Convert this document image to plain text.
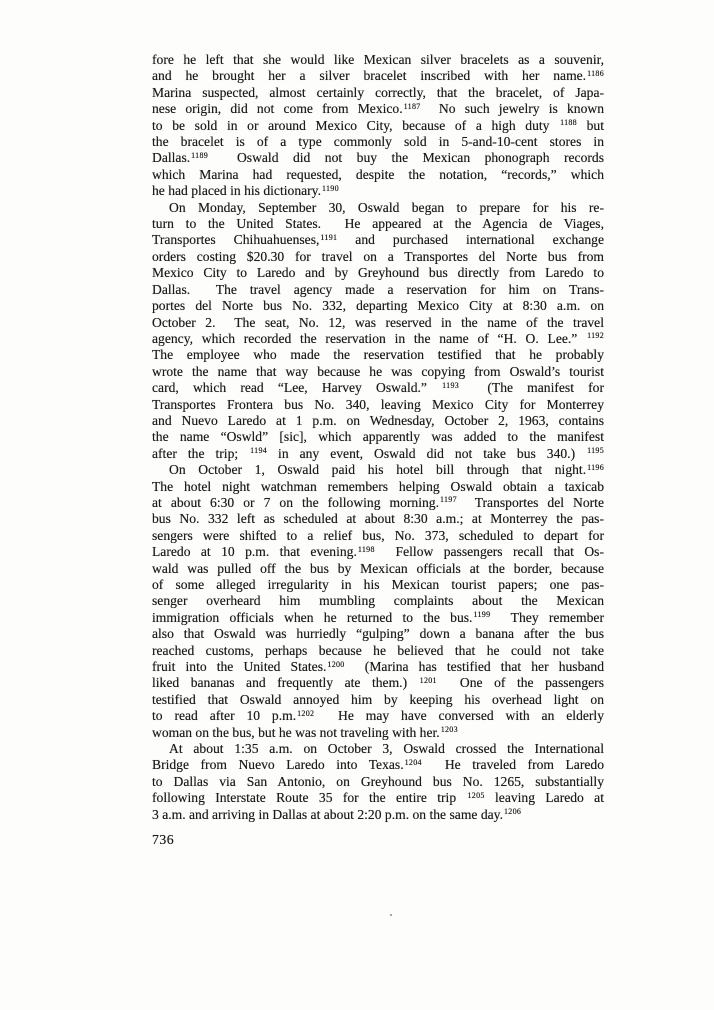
fore he left that she would like Mexican silver bracelets as a souvenir,
and he brought her a silver bracelet inscribed with her name.$^{1186}$
Marina suspected, almost certainly correctly, that the bracelet, of Japa-
nese origin, did not come from Mexico.$^{1187}$  No such jewelry is known
to be sold in or around Mexico City, because of a high duty $^{1188}$ but
the bracelet is of a type commonly sold in 5-and-10-cent stores in
Dallas.$^{1189}$  Oswald did not buy the Mexican phonograph records
which Marina had requested, despite the notation, “records,” which
he had placed in his dictionary.$^{1190}$
On Monday, September 30, Oswald began to prepare for his re-
turn to the United States.  He appeared at the Agencia de Viages,
Transportes Chihuahuenses,$^{1191}$ and purchased international exchange
orders costing $20.30 for travel on a Transportes del Norte bus from
Mexico City to Laredo and by Greyhound bus directly from Laredo to
Dallas.  The travel agency made a reservation for him on Trans-
portes del Norte bus No. 332, departing Mexico City at 8:30 a.m. on
October 2.  The seat, No. 12, was reserved in the name of the travel
agency, which recorded the reservation in the name of “H. O. Lee.” $^{1192}$
The employee who made the reservation testified that he probably
wrote the name that way because he was copying from Oswald’s tourist
card, which read “Lee, Harvey Oswald.” $^{1193}$  (The manifest for
Transportes Frontera bus No. 340, leaving Mexico City for Monterrey
and Nuevo Laredo at 1 p.m. on Wednesday, October 2, 1963, contains
the name “Oswld” [sic], which apparently was added to the manifest
after the trip; $^{1194}$ in any event, Oswald did not take bus 340.) $^{1195}$
On October 1, Oswald paid his hotel bill through that night.$^{1196}$
The hotel night watchman remembers helping Oswald obtain a taxicab
at about 6:30 or 7 on the following morning.$^{1197}$  Transportes del Norte
bus No. 332 left as scheduled at about 8:30 a.m.; at Monterrey the pas-
sengers were shifted to a relief bus, No. 373, scheduled to depart for
Laredo at 10 p.m. that evening.$^{1198}$  Fellow passengers recall that Os-
wald was pulled off the bus by Mexican officials at the border, because
of some alleged irregularity in his Mexican tourist papers; one pas-
senger overheard him mumbling complaints about the Mexican
immigration officials when he returned to the bus.$^{1199}$  They remember
also that Oswald was hurriedly “gulping” down a banana after the bus
reached customs, perhaps because he believed that he could not take
fruit into the United States.$^{1200}$  (Marina has testified that her husband
liked bananas and frequently ate them.) $^{1201}$  One of the passengers
testified that Oswald annoyed him by keeping his overhead light on
to read after 10 p.m.$^{1202}$  He may have conversed with an elderly
woman on the bus, but he was not traveling with her.$^{1203}$
At about 1:35 a.m. on October 3, Oswald crossed the International
Bridge from Nuevo Laredo into Texas.$^{1204}$  He traveled from Laredo
to Dallas via San Antonio, on Greyhound bus No. 1265, substantially
following Interstate Route 35 for the entire trip $^{1205}$ leaving Laredo at
3 a.m. and arriving in Dallas at about 2:20 p.m. on the same day.$^{1206}$
736
